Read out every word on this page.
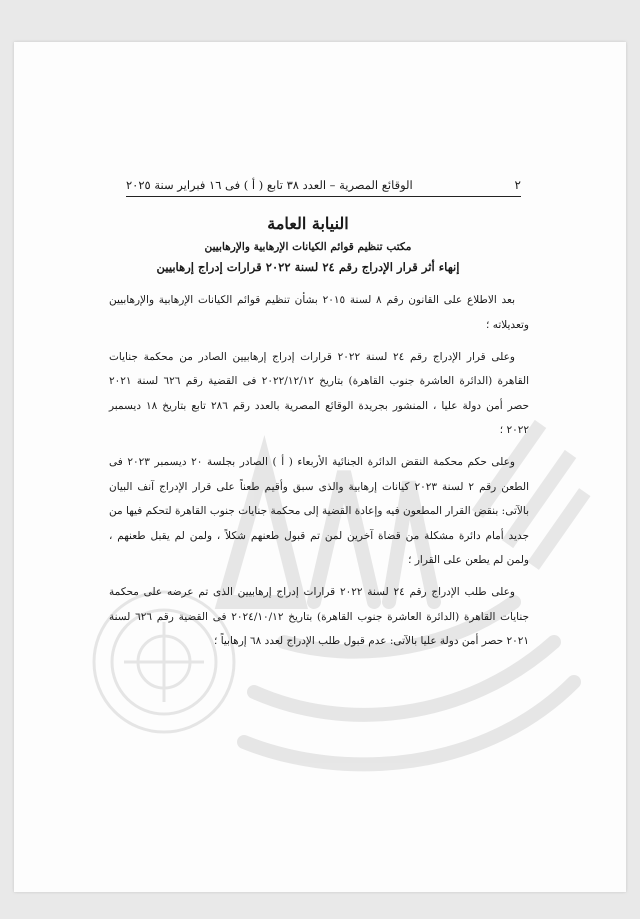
٢
الوقائع المصرية – العدد ٣٨ تابع ( أ ) فى ١٦ فبراير سنة ٢٠٢٥
النيابة العامة
مكتب تنظيم قوائم الكيانات الإرهابية والإرهابيين
إنهاء أثر قرار الإدراج رقم ٢٤ لسنة ٢٠٢٢ قرارات إدراج إرهابيين

بعد الاطلاع على القانون رقم ٨ لسنة ٢٠١٥ بشأن تنظيم قوائم الكيانات الإرهابية والإرهابيين وتعديلاته ؛

وعلى قرار الإدراج رقم ٢٤ لسنة ٢٠٢٢ قرارات إدراج إرهابيين الصادر من محكمة جنايات القاهرة (الدائرة العاشرة جنوب القاهرة) بتاريخ ٢٠٢٢/١٢/١٢ فى القضية رقم ٦٢٦ لسنة ٢٠٢١ حصر أمن دولة عليا ، المنشور بجريدة الوقائع المصرية بالعدد رقم ٢٨٦ تابع بتاريخ ١٨ ديسمبر ٢٠٢٢ ؛

وعلى حكم محكمة النقض الدائرة الجنائية الأربعاء ( أ ) الصادر بجلسة ٢٠ ديسمبر ٢٠٢٣ فى الطعن رقم ٢ لسنة ٢٠٢٣ كيانات إرهابية والذى سبق وأقيم طعناً على قرار الإدراج آنف البيان بالآتى: بنقض القرار المطعون فيه وإعادة القضية إلى محكمة جنايات جنوب القاهرة لتحكم فيها من جديد أمام دائرة مشكلة من قضاة آخرين لمن تم قبول طعنهم شكلاً ، ولمن لم يقبل طعنهم ، ولمن لم يطعن على القرار ؛

وعلى طلب الإدراج رقم ٢٤ لسنة ٢٠٢٢ قرارات إدراج إرهابيين الذى تم عرضه على محكمة جنايات القاهرة (الدائرة العاشرة جنوب القاهرة) بتاريخ ٢٠٢٤/١٠/١٢ فى القضية رقم ٦٢٦ لسنة ٢٠٢١ حصر أمن دولة عليا بالآتى: عدم قبول طلب الإدراج لعدد ٦٨ إرهابياً ؛
